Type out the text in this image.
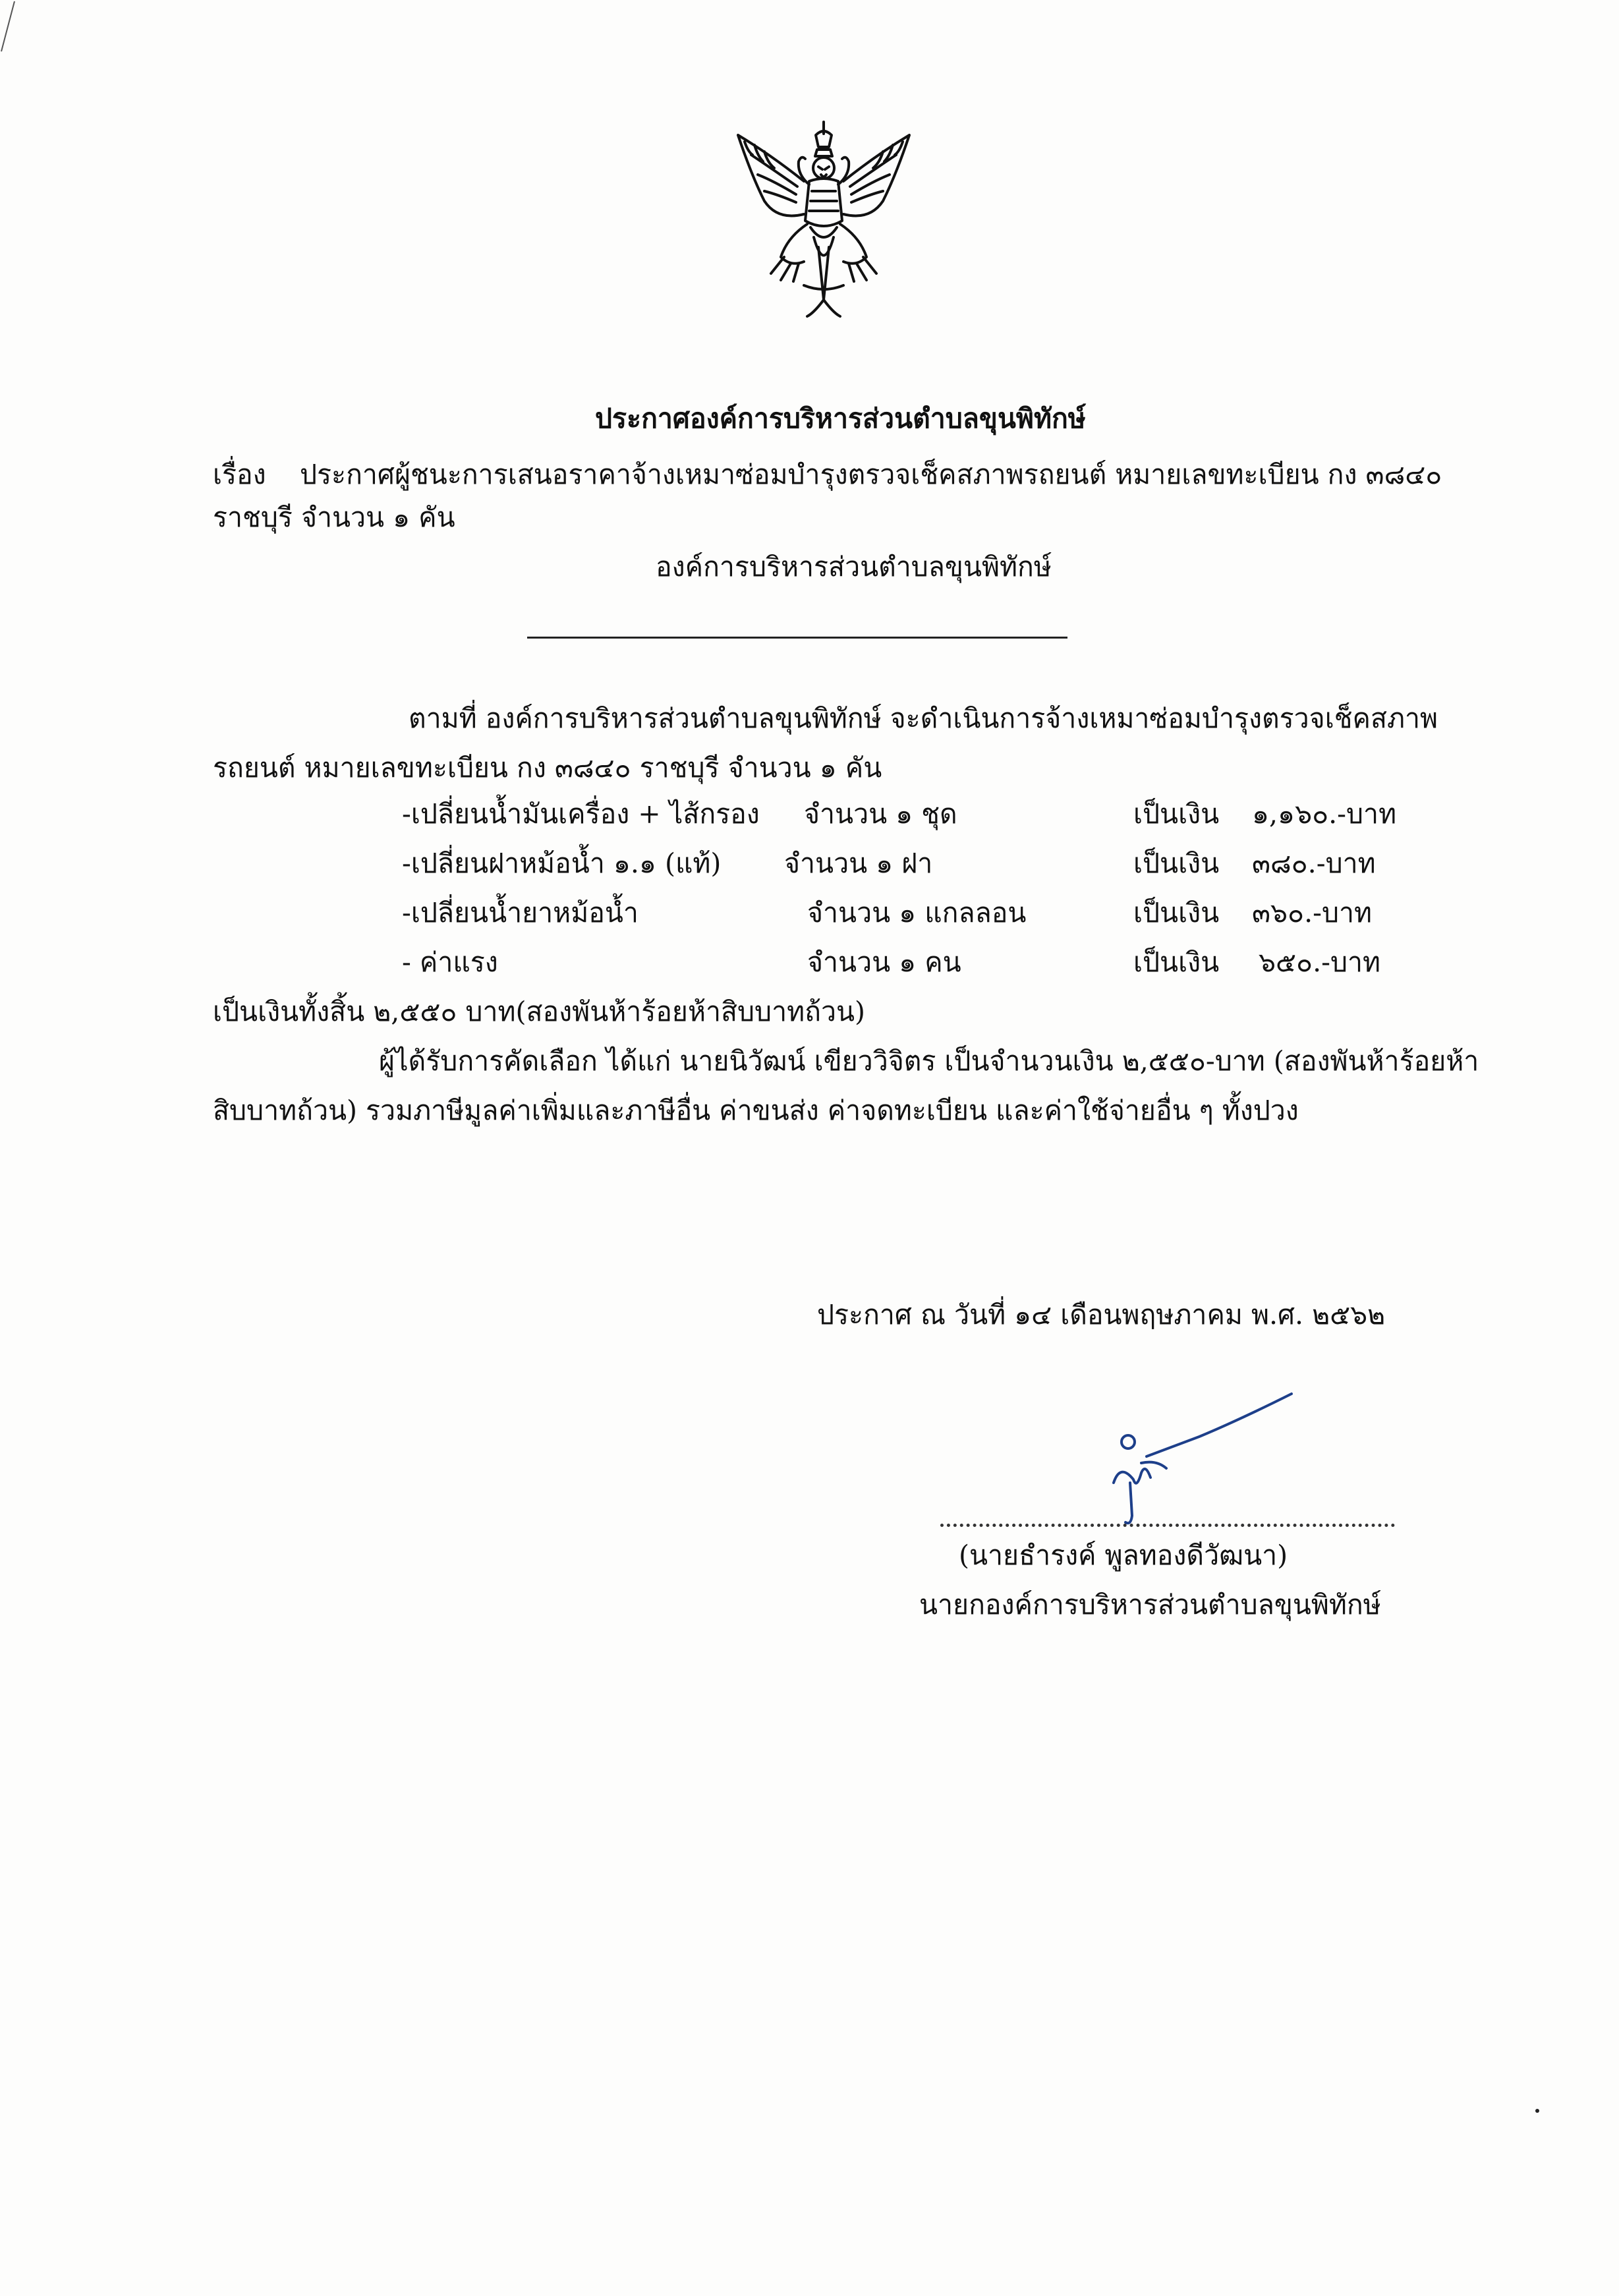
ประกาศองค์การบริหารส่วนตำบลขุนพิทักษ์
เรื่อง ประกาศผู้ชนะการเสนอราคาจ้างเหมาซ่อมบำรุงตรวจเช็คสภาพรถยนต์ หมายเลขทะเบียน กง ๓๘๔๐
ราชบุรี จำนวน ๑ คัน
องค์การบริหารส่วนตำบลขุนพิทักษ์
ตามที่ องค์การบริหารส่วนตำบลขุนพิทักษ์ จะดำเนินการจ้างเหมาซ่อมบำรุงตรวจเช็คสภาพ
รถยนต์ หมายเลขทะเบียน กง ๓๘๔๐ ราชบุรี จำนวน ๑ คัน
-เปลี่ยนน้ำมันเครื่อง + ไส้กรอง จำนวน ๑ ชุด	เป็นเงิน ๑,๑๖๐.-บาท
-เปลี่ยนฝาหม้อน้ำ ๑.๑ (แท้) จำนวน ๑ ฝา	เป็นเงิน ๓๘๐.-บาท
-เปลี่ยนน้ำยาหม้อน้ำ	จำนวน ๑ แกลลอน	เป็นเงิน ๓๖๐.-บาท
- ค่าแรง	จำนวน ๑ คน	เป็นเงิน ๖๕๐.-บาท
เป็นเงินทั้งสิ้น ๒,๕๕๐ บาท(สองพันห้าร้อยห้าสิบบาทถ้วน)
ผู้ได้รับการคัดเลือก ได้แก่ นายนิวัฒน์ เขียววิจิตร เป็นจำนวนเงิน ๒,๕๕๐-บาท (สองพันห้าร้อยห้า
สิบบาทถ้วน) รวมภาษีมูลค่าเพิ่มและภาษีอื่น ค่าขนส่ง ค่าจดทะเบียน และค่าใช้จ่ายอื่น ๆ ทั้งปวง
ประกาศ ณ วันที่ ๑๔ เดือนพฤษภาคม พ.ศ. ๒๕๖๒
(นายธำรงค์ พูลทองดีวัฒนา)
นายกองค์การบริหารส่วนตำบลขุนพิทักษ์
